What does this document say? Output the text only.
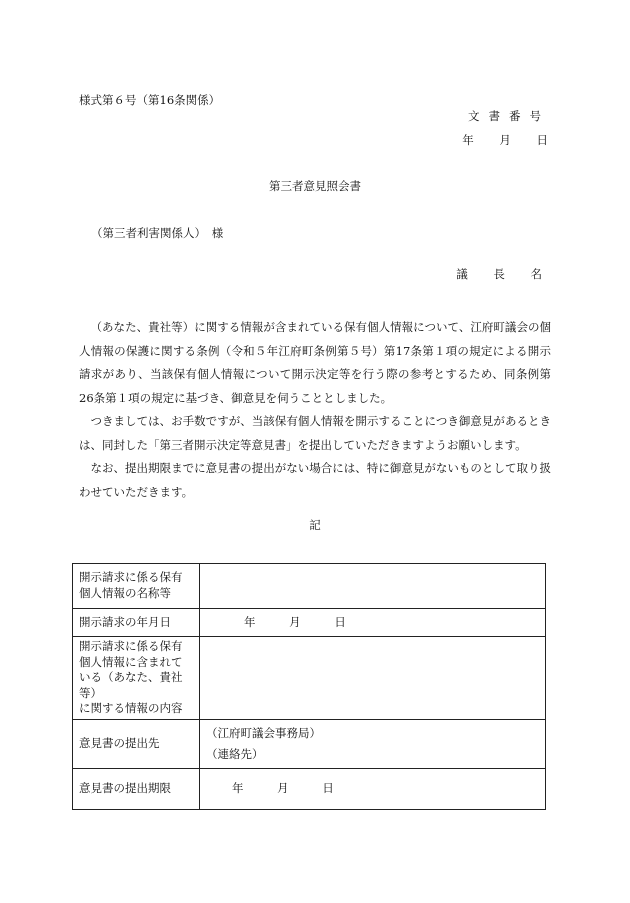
様式第６号（第16条関係）
文書番号
年 月 日
第三者意見照会書
（第三者利害関係人）　様
議 長 名

（あなた、貴社等）に関する情報が含まれている保有個人情報について、江府町議会の個人情報の保護に関する条例（令和５年江府町条例第５号）第17条第１項の規定による開示請求があり、当該保有個人情報について開示決定等を行う際の参考とするため、同条例第26条第１項の規定に基づき、御意見を伺うこととしました。

つきましては、お手数ですが、当該保有個人情報を開示することにつき御意見があるときは、同封した「第三者開示決定等意見書」を提出していただきますようお願いします。

なお、提出期限までに意見書の提出がない場合には、特に御意見がないものとして取り扱わせていただきます。

記
開示請求に係る保有
個人情報の名称等	

開示請求の年月日	年 月 日

開示請求に係る保有
個人情報に含まれて
いる（あなた、貴社等）
に関する情報の内容	

意見書の提出先	（江府町議会事務局）
（連絡先）

意見書の提出期限	年 月 日
